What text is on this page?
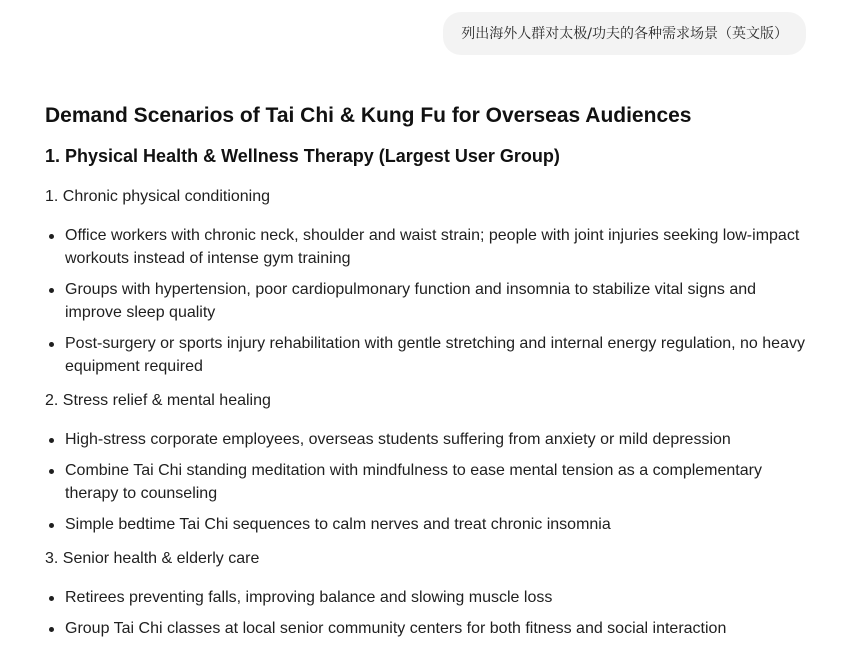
列出海外人群对太极/功夫的各种需求场景（英文版）
Demand Scenarios of Tai Chi & Kung Fu for Overseas Audiences
1. Physical Health & Wellness Therapy (Largest User Group)

1. Chronic physical conditioning

Office workers with chronic neck, shoulder and waist strain; people with joint injuries seeking low-impact workouts instead of intense gym training
Groups with hypertension, poor cardiopulmonary function and insomnia to stabilize vital signs and improve sleep quality
Post-surgery or sports injury rehabilitation with gentle stretching and internal energy regulation, no heavy equipment required

2. Stress relief & mental healing

High-stress corporate employees, overseas students suffering from anxiety or mild depression
Combine Tai Chi standing meditation with mindfulness to ease mental tension as a complementary therapy to counseling
Simple bedtime Tai Chi sequences to calm nerves and treat chronic insomnia

3. Senior health & elderly care

Retirees preventing falls, improving balance and slowing muscle loss
Group Tai Chi classes at local senior community centers for both fitness and social interaction
